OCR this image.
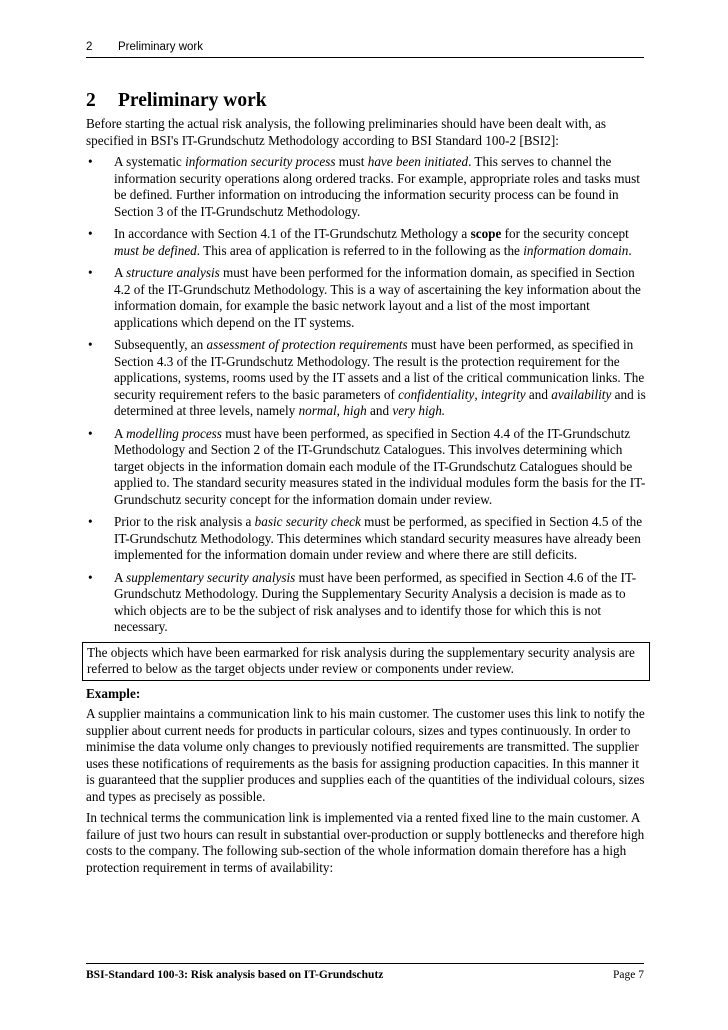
2 Preliminary work
2 Preliminary work

Before starting the actual risk analysis, the following preliminaries should have been dealt with, as specified in BSI's IT-Grundschutz Methodology according to BSI Standard 100-2 [BSI2]:

• A systematic information security process must have been initiated. This serves to channel the information security operations along ordered tracks. For example, appropriate roles and tasks must be defined. Further information on introducing the information security process can be found in Section 3 of the IT-Grundschutz Methodology.
• In accordance with Section 4.1 of the IT-Grundschutz Methology a scope for the security concept must be defined. This area of application is referred to in the following as the information domain.
• A structure analysis must have been performed for the information domain, as specified in Section 4.2 of the IT-Grundschutz Methodology. This is a way of ascertaining the key information about the information domain, for example the basic network layout and a list of the most important applications which depend on the IT systems.
• Subsequently, an assessment of protection requirements must have been performed, as specified in Section 4.3 of the IT-Grundschutz Methodology. The result is the protection requirement for the applications, systems, rooms used by the IT assets and a list of the critical communication links. The security requirement refers to the basic parameters of confidentiality, integrity and availability and is determined at three levels, namely normal, high and very high.
• A modelling process must have been performed, as specified in Section 4.4 of the IT-Grundschutz Methodology and Section 2 of the IT-Grundschutz Catalogues. This involves determining which target objects in the information domain each module of the IT-Grundschutz Catalogues should be applied to. The standard security measures stated in the individual modules form the basis for the IT-Grundschutz security concept for the information domain under review.
• Prior to the risk analysis a basic security check must be performed, as specified in Section 4.5 of the IT-Grundschutz Methodology. This determines which standard security measures have already been implemented for the information domain under review and where there are still deficits.
• A supplementary security analysis must have been performed, as specified in Section 4.6 of the IT-Grundschutz Methodology. During the Supplementary Security Analysis a decision is made as to which objects are to be the subject of risk analyses and to identify those for which this is not necessary.

The objects which have been earmarked for risk analysis during the supplementary security analysis are referred to below as the target objects under review or components under review.

Example:

A supplier maintains a communication link to his main customer. The customer uses this link to notify the supplier about current needs for products in particular colours, sizes and types continuously. In order to minimise the data volume only changes to previously notified requirements are transmitted. The supplier uses these notifications of requirements as the basis for assigning production capacities. In this manner it is guaranteed that the supplier produces and supplies each of the quantities of the individual colours, sizes and types as precisely as possible.

In technical terms the communication link is implemented via a rented fixed line to the main customer. A failure of just two hours can result in substantial over-production or supply bottlenecks and therefore high costs to the company. The following sub-section of the whole information domain therefore has a high protection requirement in terms of availability:

BSI-Standard 100-3: Risk analysis based on IT-Grundschutz	Page 7
